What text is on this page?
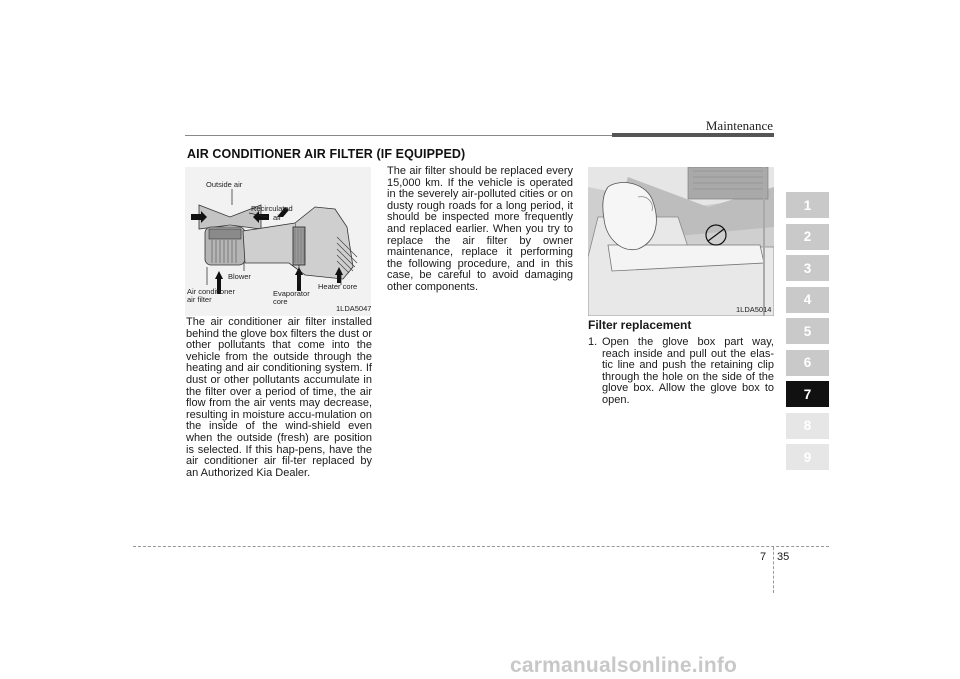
Maintenance
AIR CONDITIONER AIR FILTER (IF EQUIPPED)
Outside air
Recirculated
air
Blower
Air conditioner
air filter
Evaporator
core
Heater core
1LDA5047	1LDA5014
The air conditioner air filter installed behind the glove box filters the dust or other pollutants that come into the vehicle from the outside through the heating and air conditioning system. If dust or other pollutants accumulate in the filter over a period of time, the air flow from the air vents may decrease, resulting in moisture accu-mulation on the inside of the wind-shield even when the outside (fresh) are position is selected. If this hap-pens, have the air conditioner air fil-ter replaced by an Authorized Kia Dealer.
The air filter should be replaced every 15,000 km. If the vehicle is operated in the severely air-polluted cities or on dusty rough roads for a long period, it should be inspected more frequently and replaced earlier. When you try to replace the air filter by owner maintenance, replace it performing the following procedure, and in this case, be careful to avoid damaging other components.
Filter replacement
1. Open the glove box part way, reach inside and pull out the elas-tic line and push the retaining clip through the hole on the side of the glove box. Allow the glove box to open.
1
2
3
4
5
6
7
8
9
7 35
carmanualsonline.info
